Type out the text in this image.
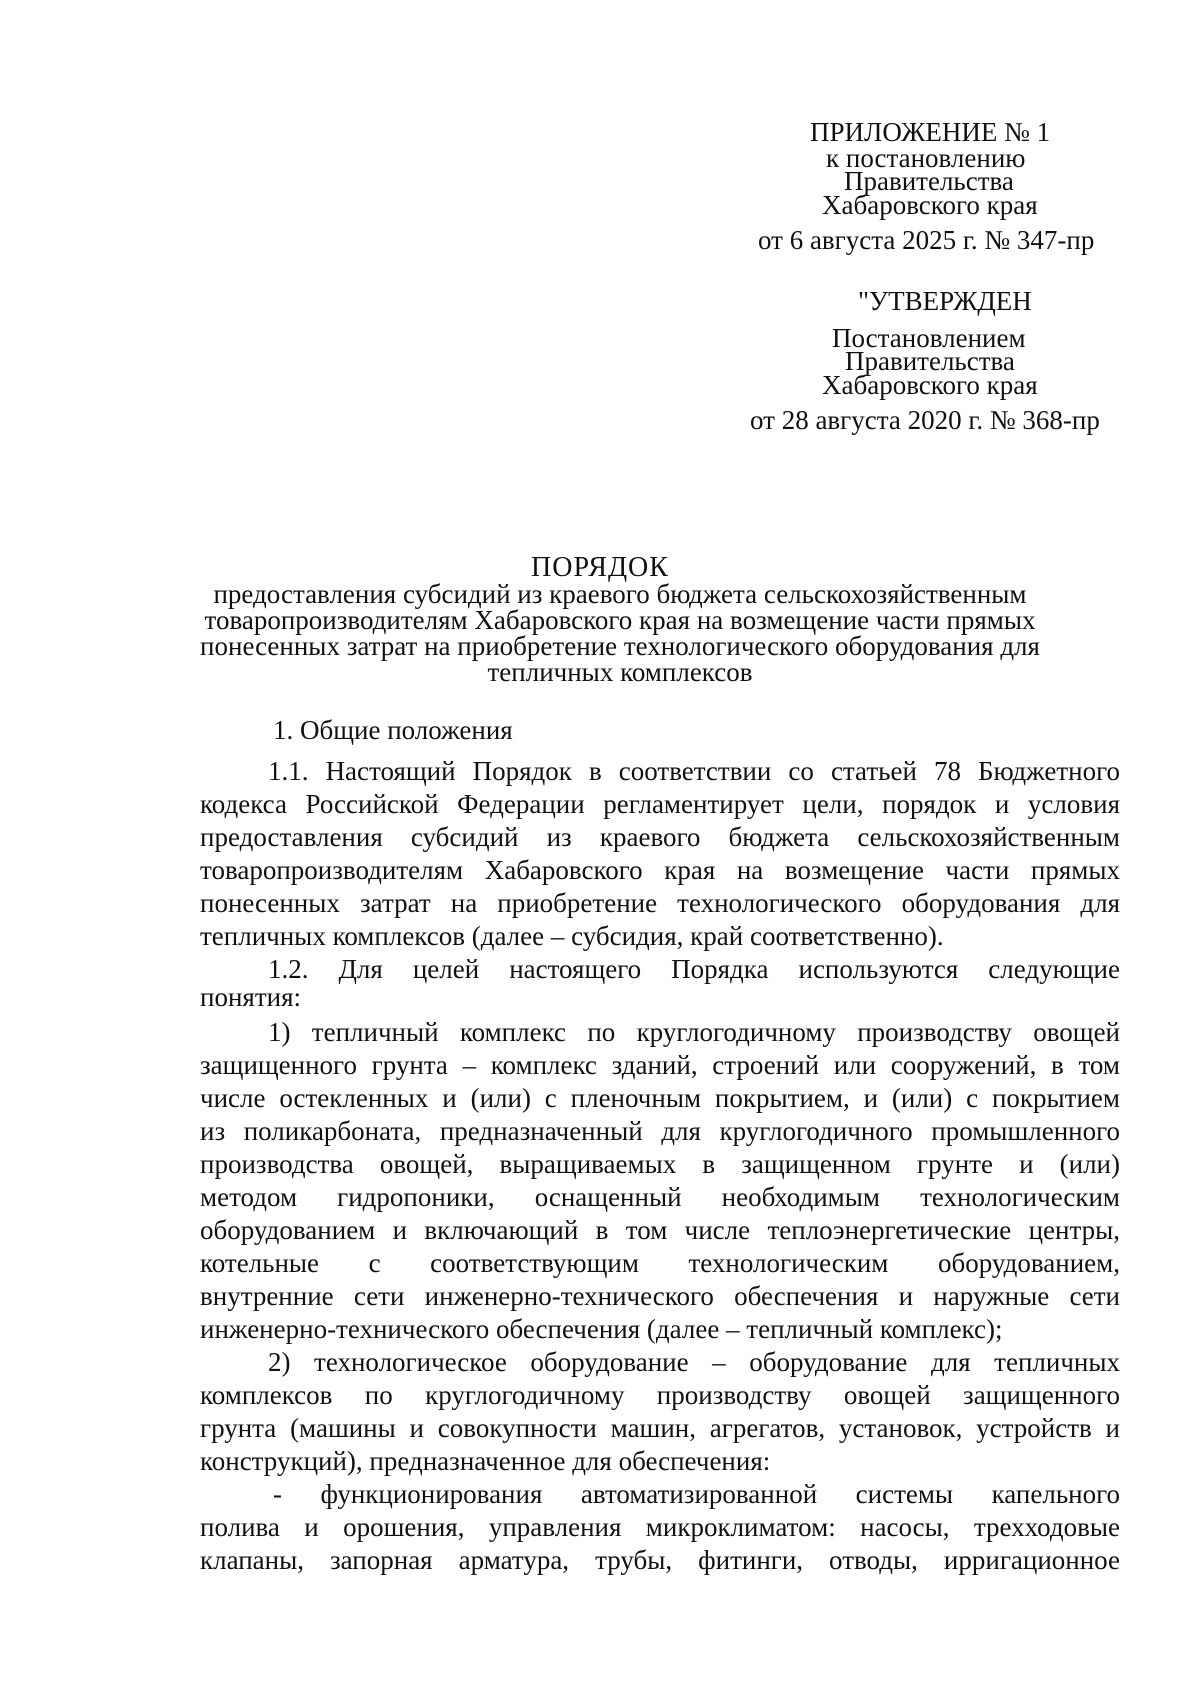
ПРИЛОЖЕНИЕ № 1
к постановлению
Правительства
Хабаровского края
от 6 августа 2025 г. № 347-пр
"УТВЕРЖДЕН
Постановлением
Правительства
Хабаровского края
от 28 августа 2020 г. № 368-пр
ПОРЯДОК
предоставления субсидий из краевого бюджета сельскохозяйственным товаропроизводителям Хабаровского края на возмещение части прямых понесенных затрат на приобретение технологического оборудования для тепличных комплексов
1. Общие положения
1.1. Настоящий Порядок в соответствии со статьей 78 Бюджетного
кодекса Российской Федерации регламентирует цели, порядок и условия
предоставления субсидий из краевого бюджета сельскохозяйственным
товаропроизводителям Хабаровского края на возмещение части прямых
понесенных затрат на приобретение технологического оборудования для
тепличных комплексов (далее – субсидия, край соответственно).
1.2. Для целей настоящего Порядка используются следующие
понятия:
1) тепличный комплекс по круглогодичному производству овощей
защищенного грунта – комплекс зданий, строений или сооружений, в том
числе остекленных и (или) с пленочным покрытием, и (или) с покрытием
из поликарбоната, предназначенный для круглогодичного промышленного
производства овощей, выращиваемых в защищенном грунте и (или)
методом гидропоники, оснащенный необходимым технологическим
оборудованием и включающий в том числе теплоэнергетические центры,
котельные с соответствующим технологическим оборудованием,
внутренние сети инженерно-технического обеспечения и наружные сети
инженерно-технического обеспечения (далее – тепличный комплекс);
2) технологическое оборудование – оборудование для тепличных
комплексов по круглогодичному производству овощей защищенного
грунта (машины и совокупности машин, агрегатов, установок, устройств и
конструкций), предназначенное для обеспечения:
- функционирования автоматизированной системы капельного
полива и орошения, управления микроклиматом: насосы, трехходовые
клапаны, запорная арматура, трубы, фитинги, отводы, ирригационное
